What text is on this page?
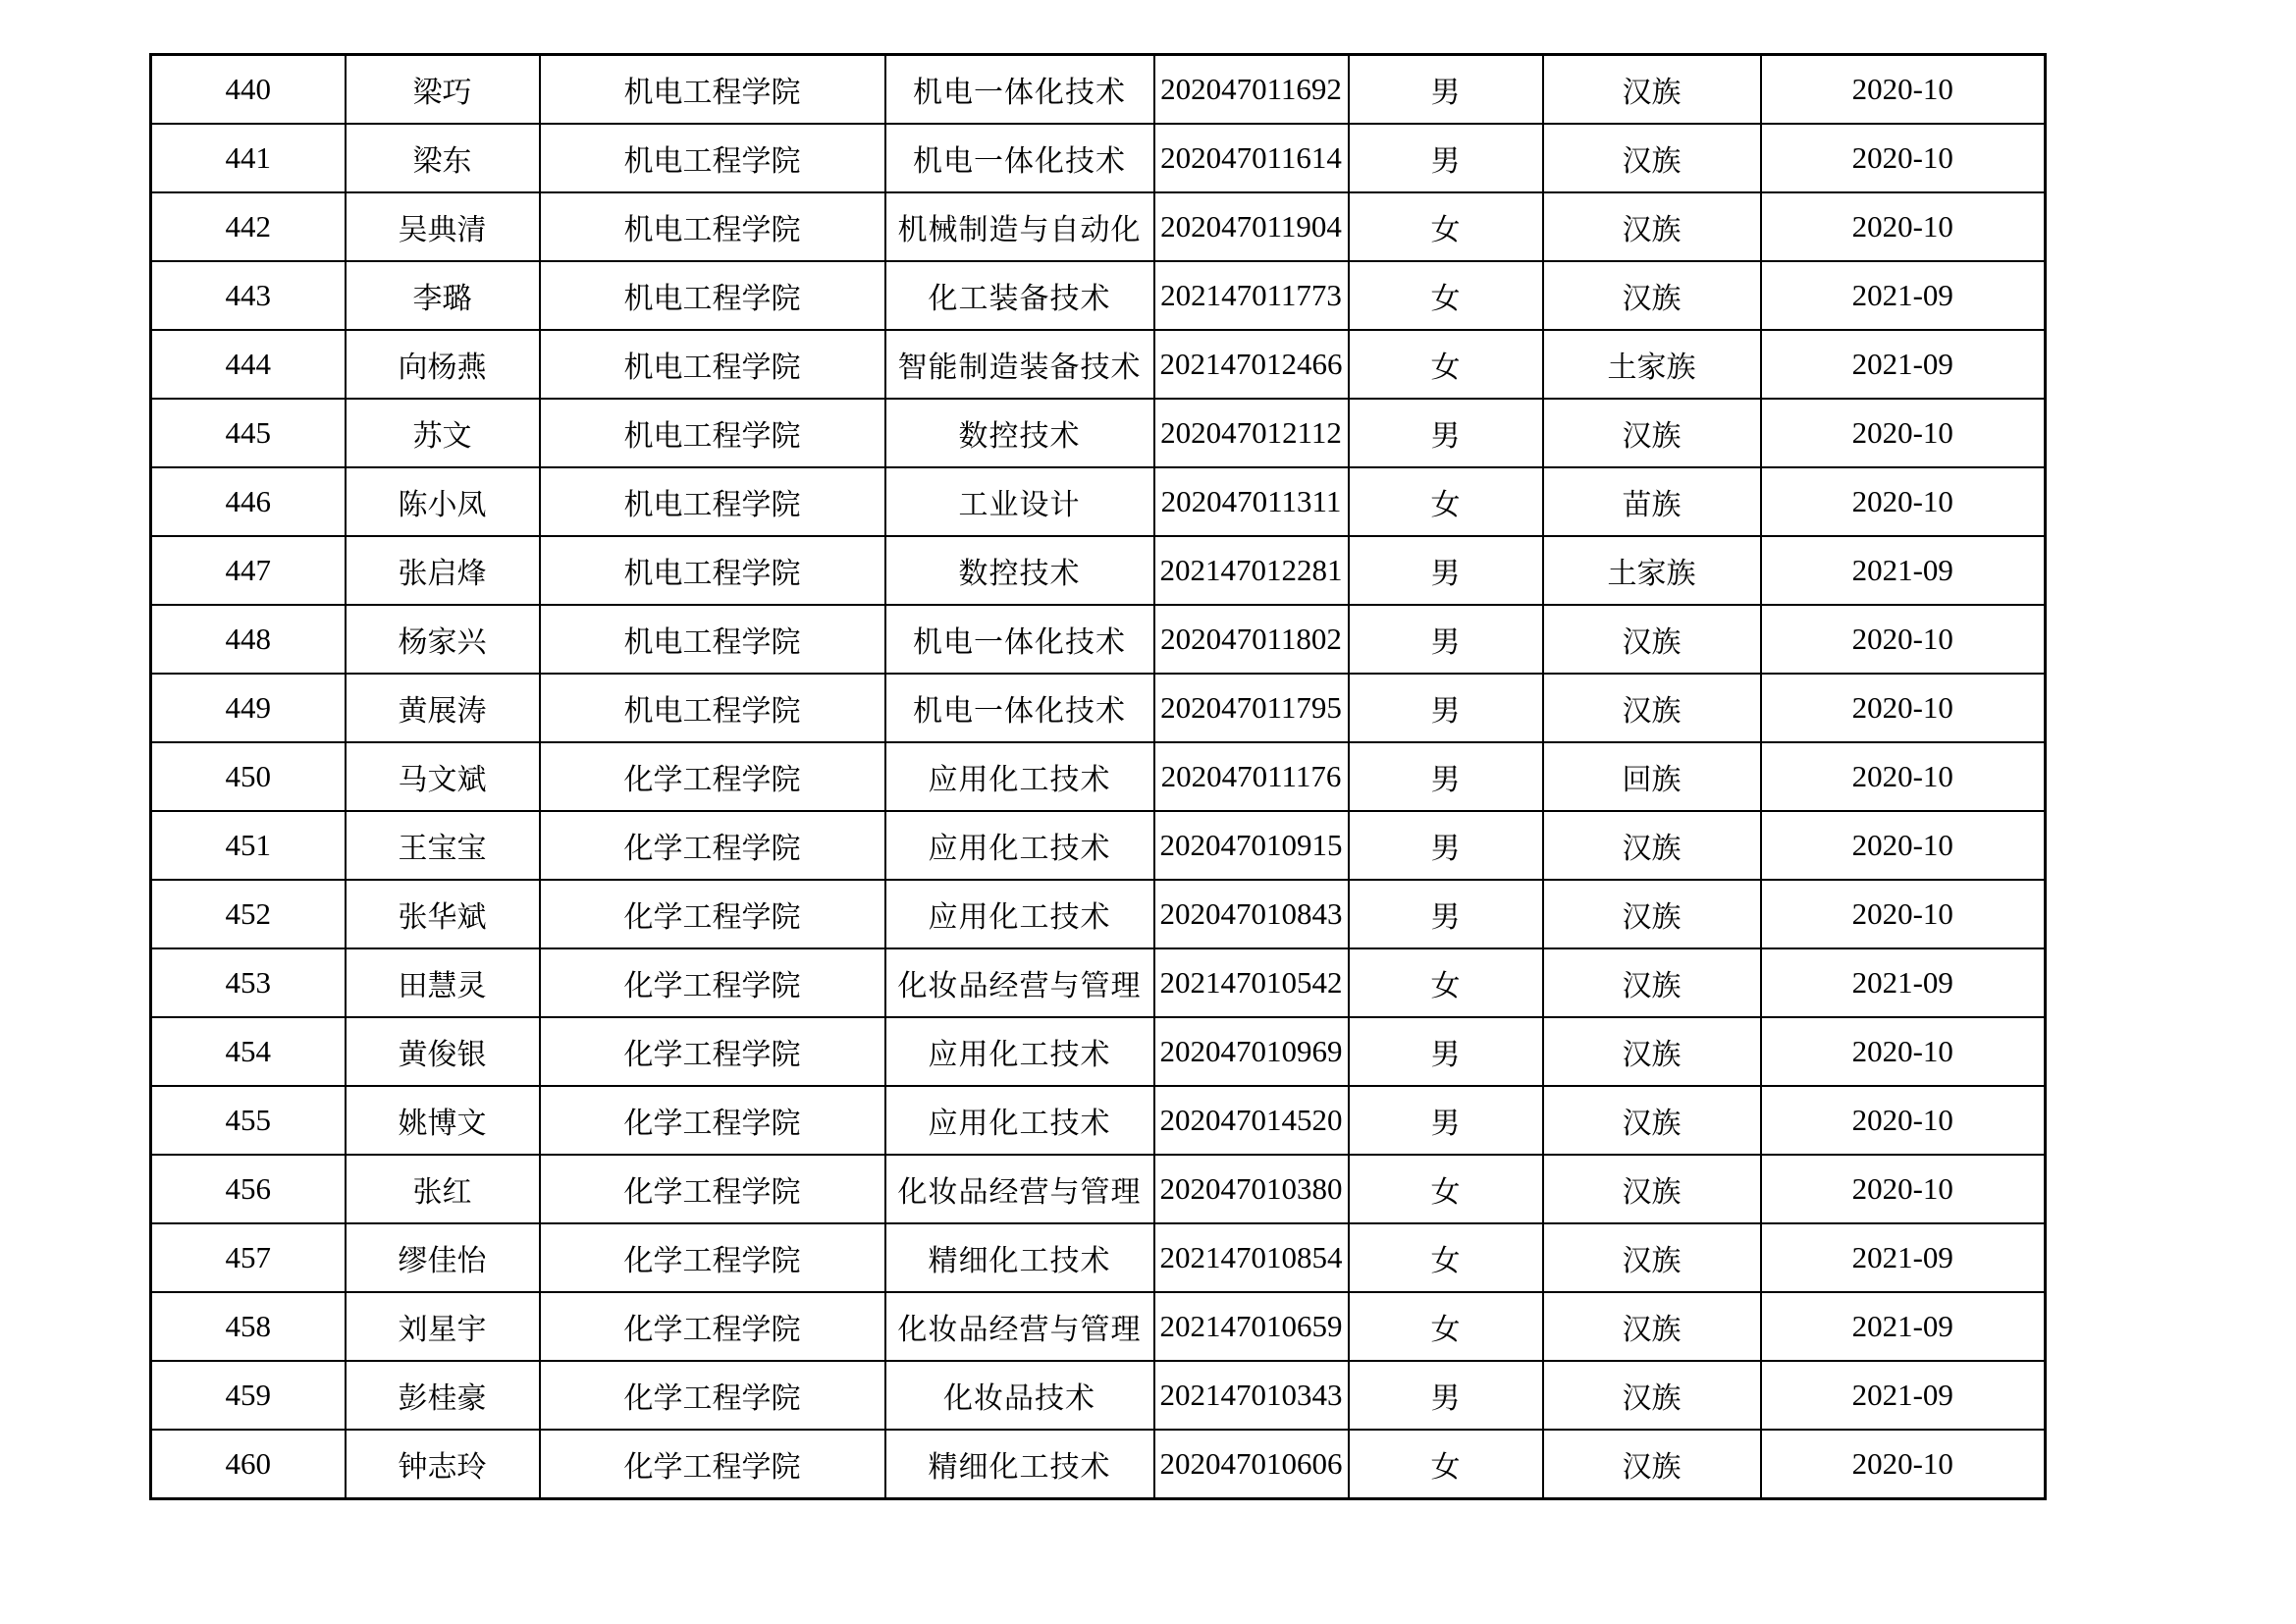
440	梁巧	机电工程学院	机电一体化技术	202047011692	男	汉族	2020-10
441	梁东	机电工程学院	机电一体化技术	202047011614	男	汉族	2020-10
442	吴典清	机电工程学院	机械制造与自动化	202047011904	女	汉族	2020-10
443	李璐	机电工程学院	化工装备技术	202147011773	女	汉族	2021-09
444	向杨燕	机电工程学院	智能制造装备技术	202147012466	女	土家族	2021-09
445	苏文	机电工程学院	数控技术	202047012112	男	汉族	2020-10
446	陈小凤	机电工程学院	工业设计	202047011311	女	苗族	2020-10
447	张启烽	机电工程学院	数控技术	202147012281	男	土家族	2021-09
448	杨家兴	机电工程学院	机电一体化技术	202047011802	男	汉族	2020-10
449	黄展涛	机电工程学院	机电一体化技术	202047011795	男	汉族	2020-10
450	马文斌	化学工程学院	应用化工技术	202047011176	男	回族	2020-10
451	王宝宝	化学工程学院	应用化工技术	202047010915	男	汉族	2020-10
452	张华斌	化学工程学院	应用化工技术	202047010843	男	汉族	2020-10
453	田慧灵	化学工程学院	化妆品经营与管理	202147010542	女	汉族	2021-09
454	黄俊银	化学工程学院	应用化工技术	202047010969	男	汉族	2020-10
455	姚博文	化学工程学院	应用化工技术	202047014520	男	汉族	2020-10
456	张红	化学工程学院	化妆品经营与管理	202047010380	女	汉族	2020-10
457	缪佳怡	化学工程学院	精细化工技术	202147010854	女	汉族	2021-09
458	刘星宇	化学工程学院	化妆品经营与管理	202147010659	女	汉族	2021-09
459	彭桂豪	化学工程学院	化妆品技术	202147010343	男	汉族	2021-09
460	钟志玲	化学工程学院	精细化工技术	202047010606	女	汉族	2020-10
